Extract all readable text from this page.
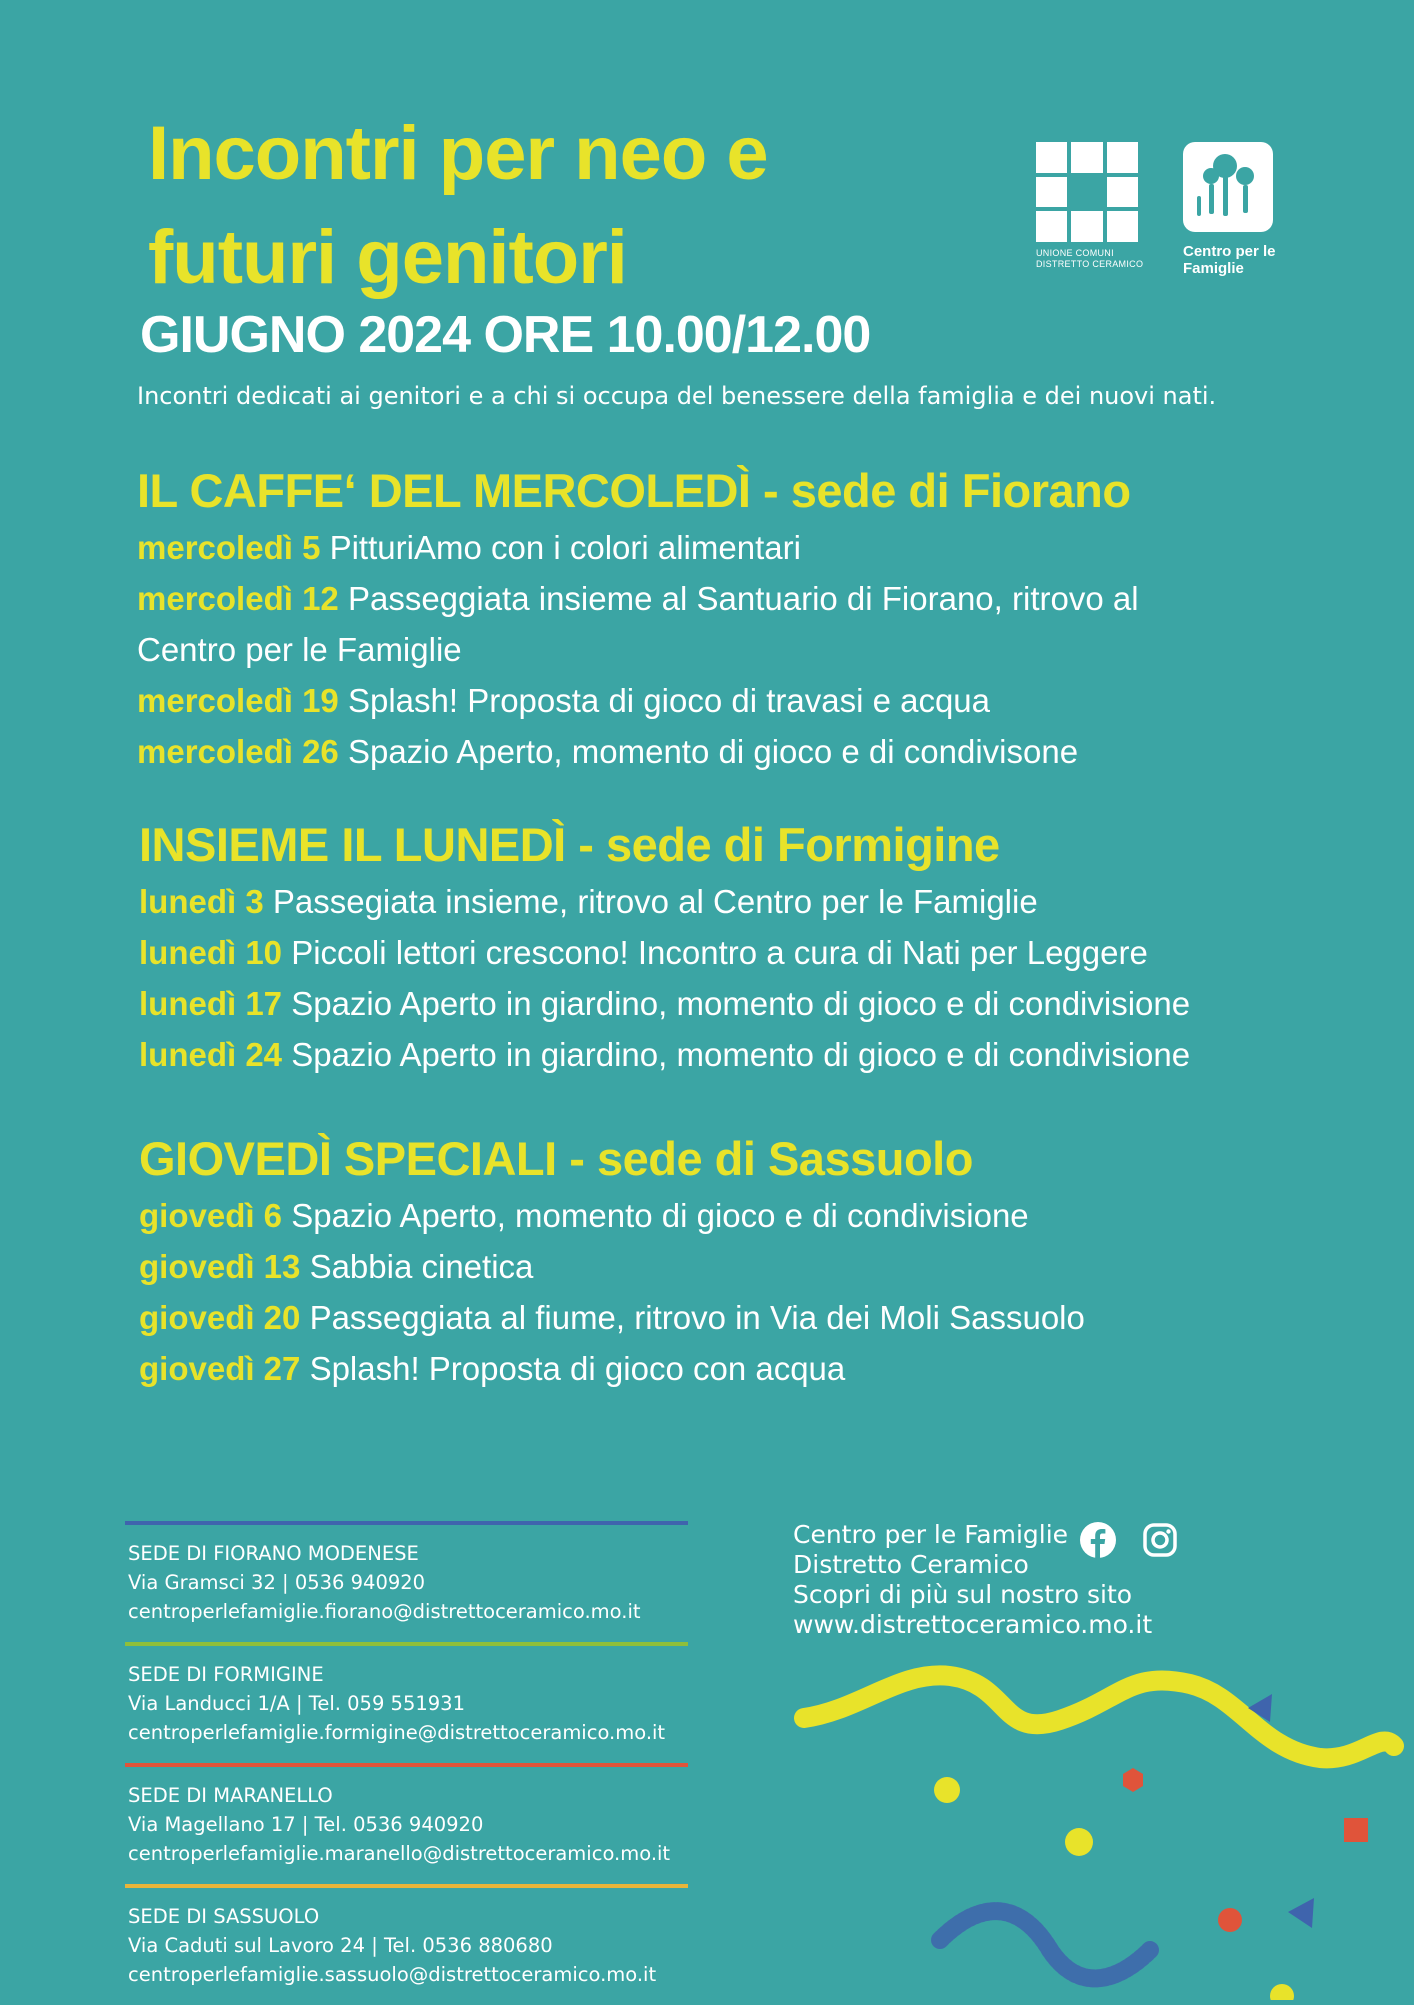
Incontri per neo e
futuri genitori
GIUGNO 2024 ORE 10.00/12.00
Incontri dedicati ai genitori e a chi si occupa del benessere della famiglia e dei nuovi nati.
UNIONE COMUNI
DISTRETTO CERAMICO
Centro per le
Famiglie
IL CAFFE‘ DEL MERCOLEDÌ - sede di Fiorano
mercoledì 5 PitturiAmo con i colori alimentari
mercoledì 12 Passeggiata insieme al Santuario di Fiorano, ritrovo al Centro per le Famiglie
mercoledì 19 Splash! Proposta di gioco di travasi e acqua
mercoledì 26 Spazio Aperto, momento di gioco e di condivisone
INSIEME IL LUNEDÌ - sede di Formigine
lunedì 3 Passegiata insieme, ritrovo al Centro per le Famiglie
lunedì 10 Piccoli lettori crescono! Incontro a cura di Nati per Leggere
lunedì 17 Spazio Aperto in giardino, momento di gioco e di condivisione
lunedì 24 Spazio Aperto in giardino, momento di gioco e di condivisione
GIOVEDÌ SPECIALI - sede di Sassuolo
giovedì 6 Spazio Aperto, momento di gioco e di condivisione
giovedì 13 Sabbia cinetica
giovedì 20 Passeggiata al fiume, ritrovo in Via dei Moli Sassuolo
giovedì 27 Splash! Proposta di gioco con acqua
SEDE DI FIORANO MODENESE
Via Gramsci 32 | 0536 940920
centroperlefamiglie.fiorano@distrettoceramico.mo.it
SEDE DI FORMIGINE
Via Landucci 1/A | Tel. 059 551931
centroperlefamiglie.formigine@distrettoceramico.mo.it
SEDE DI MARANELLO
Via Magellano 17 | Tel. 0536 940920
centroperlefamiglie.maranello@distrettoceramico.mo.it
SEDE DI SASSUOLO
Via Caduti sul Lavoro 24 | Tel. 0536 880680
centroperlefamiglie.sassuolo@distrettoceramico.mo.it
Centro per le Famiglie
Distretto Ceramico
Scopri di più sul nostro sito
www.distrettoceramico.mo.it
